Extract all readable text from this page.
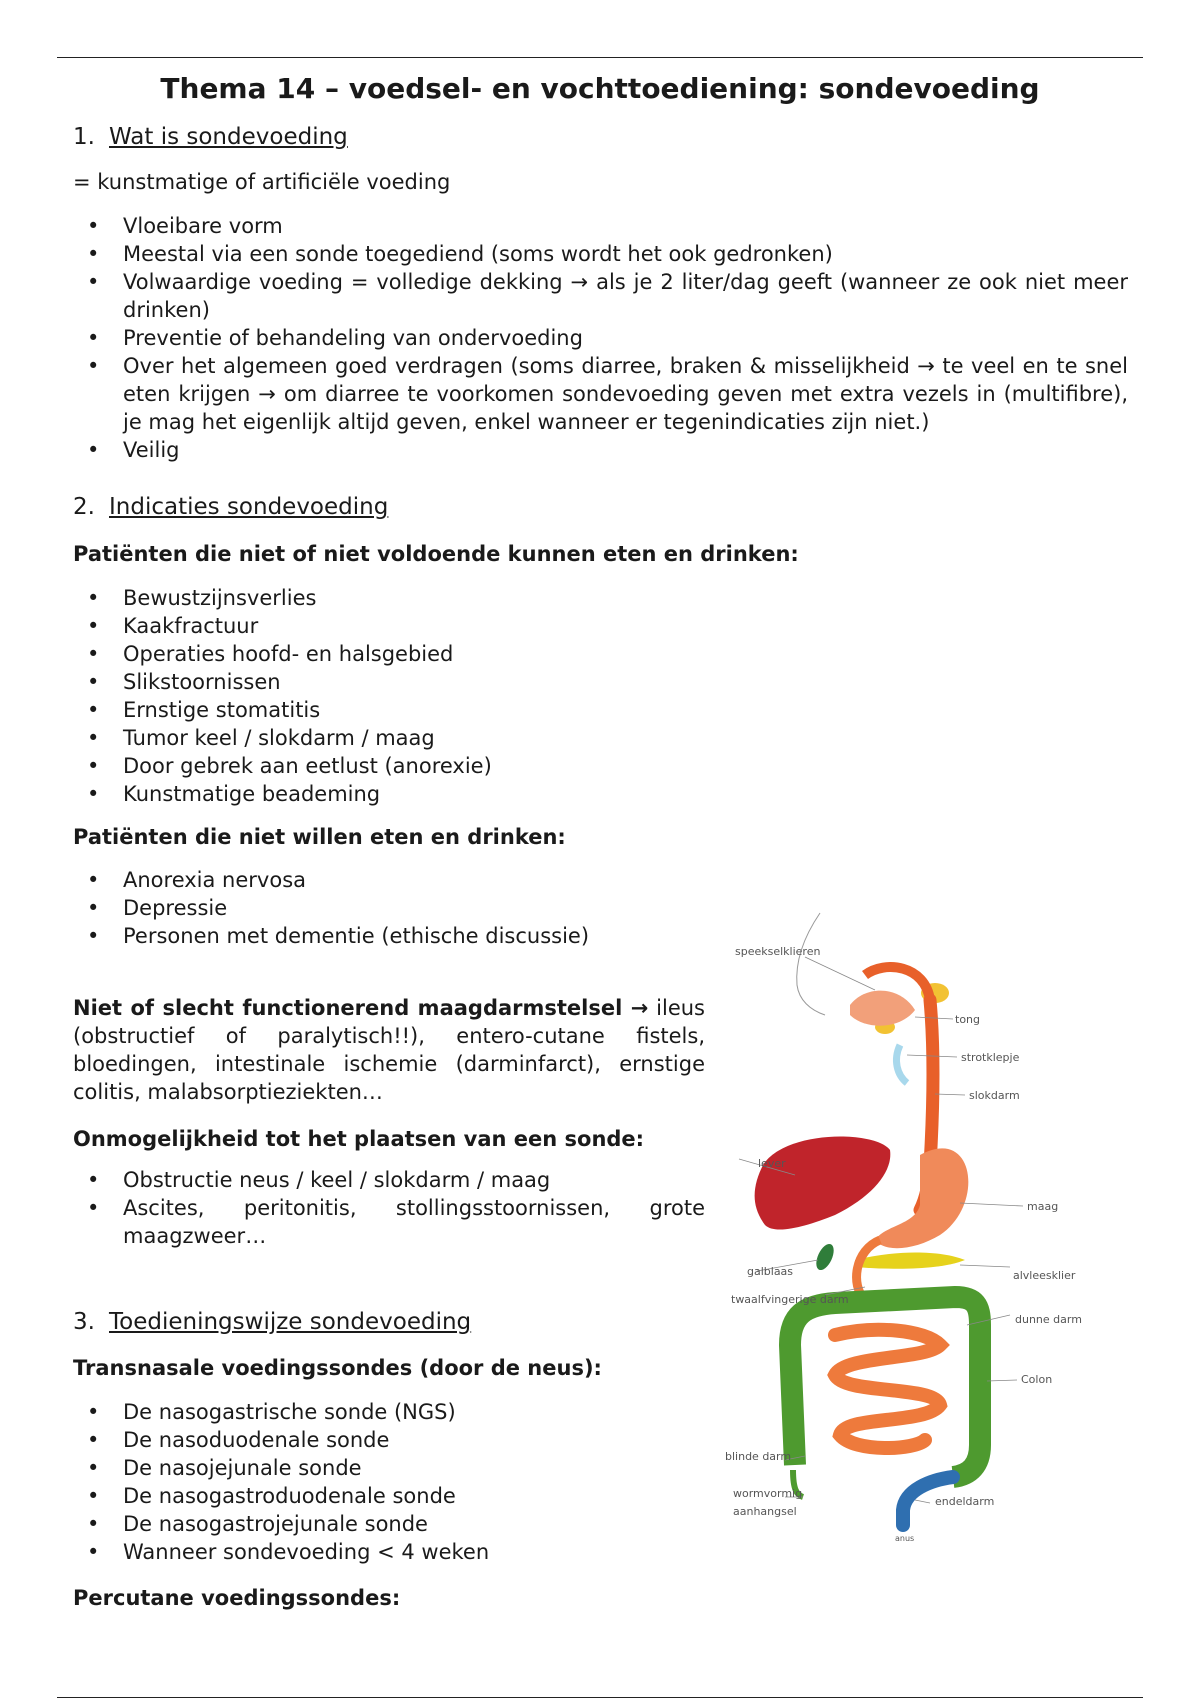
Thema 14 – voedsel- en vochttoediening: sondevoeding
1. Wat is sondevoeding

= kunstmatige of artificiële voeding

• Vloeibare vorm
• Meestal via een sonde toegediend (soms wordt het ook gedronken)
• Volwaardige voeding = volledige dekking → als je 2 liter/dag geeft (wanneer ze ook niet meer drinken)
• Preventie of behandeling van ondervoeding
• Over het algemeen goed verdragen (soms diarree, braken & misselijkheid → te veel en te snel eten krijgen → om diarree te voorkomen sondevoeding geven met extra vezels in (multifibre), je mag het eigenlijk altijd geven, enkel wanneer er tegenindicaties zijn niet.)
• Veilig
2. Indicaties sondevoeding

Patiënten die niet of niet voldoende kunnen eten en drinken:

• Bewustzijnsverlies
• Kaakfractuur
• Operaties hoofd- en halsgebied
• Slikstoornissen
• Ernstige stomatitis
• Tumor keel / slokdarm / maag
• Door gebrek aan eetlust (anorexie)
• Kunstmatige beademing

Patiënten die niet willen eten en drinken:

• Anorexia nervosa
• Depressie
• Personen met dementie (ethische discussie)

Niet of slecht functionerend maagdarmstelsel → ileus (obstructief of paralytisch!!), entero-cutane fistels, bloedingen, intestinale ischemie (darminfarct), ernstige colitis, malabsorptieziekten…

Onmogelijkheid tot het plaatsen van een sonde:

• Obstructie neus / keel / slokdarm / maag
• Ascites, peritonitis, stollingsstoornissen, grote maagzweer…
3. Toedieningswijze sondevoeding

Transnasale voedingssondes (door de neus):

• De nasogastrische sonde (NGS)
• De nasoduodenale sonde
• De nasojejunale sonde
• De nasogastroduodenale sonde
• De nasogastrojejunale sonde
• Wanneer sondevoeding < 4 weken

Percutane voedingssondes:

speekselklieren
tong
strotklepje
slokdarm
lever
maag
galblaas	alvleesklier
twaalfvingerige darm
dunne darm
Colon
blinde darm
wormvormig
aanhangsel
endeldarm
anus
